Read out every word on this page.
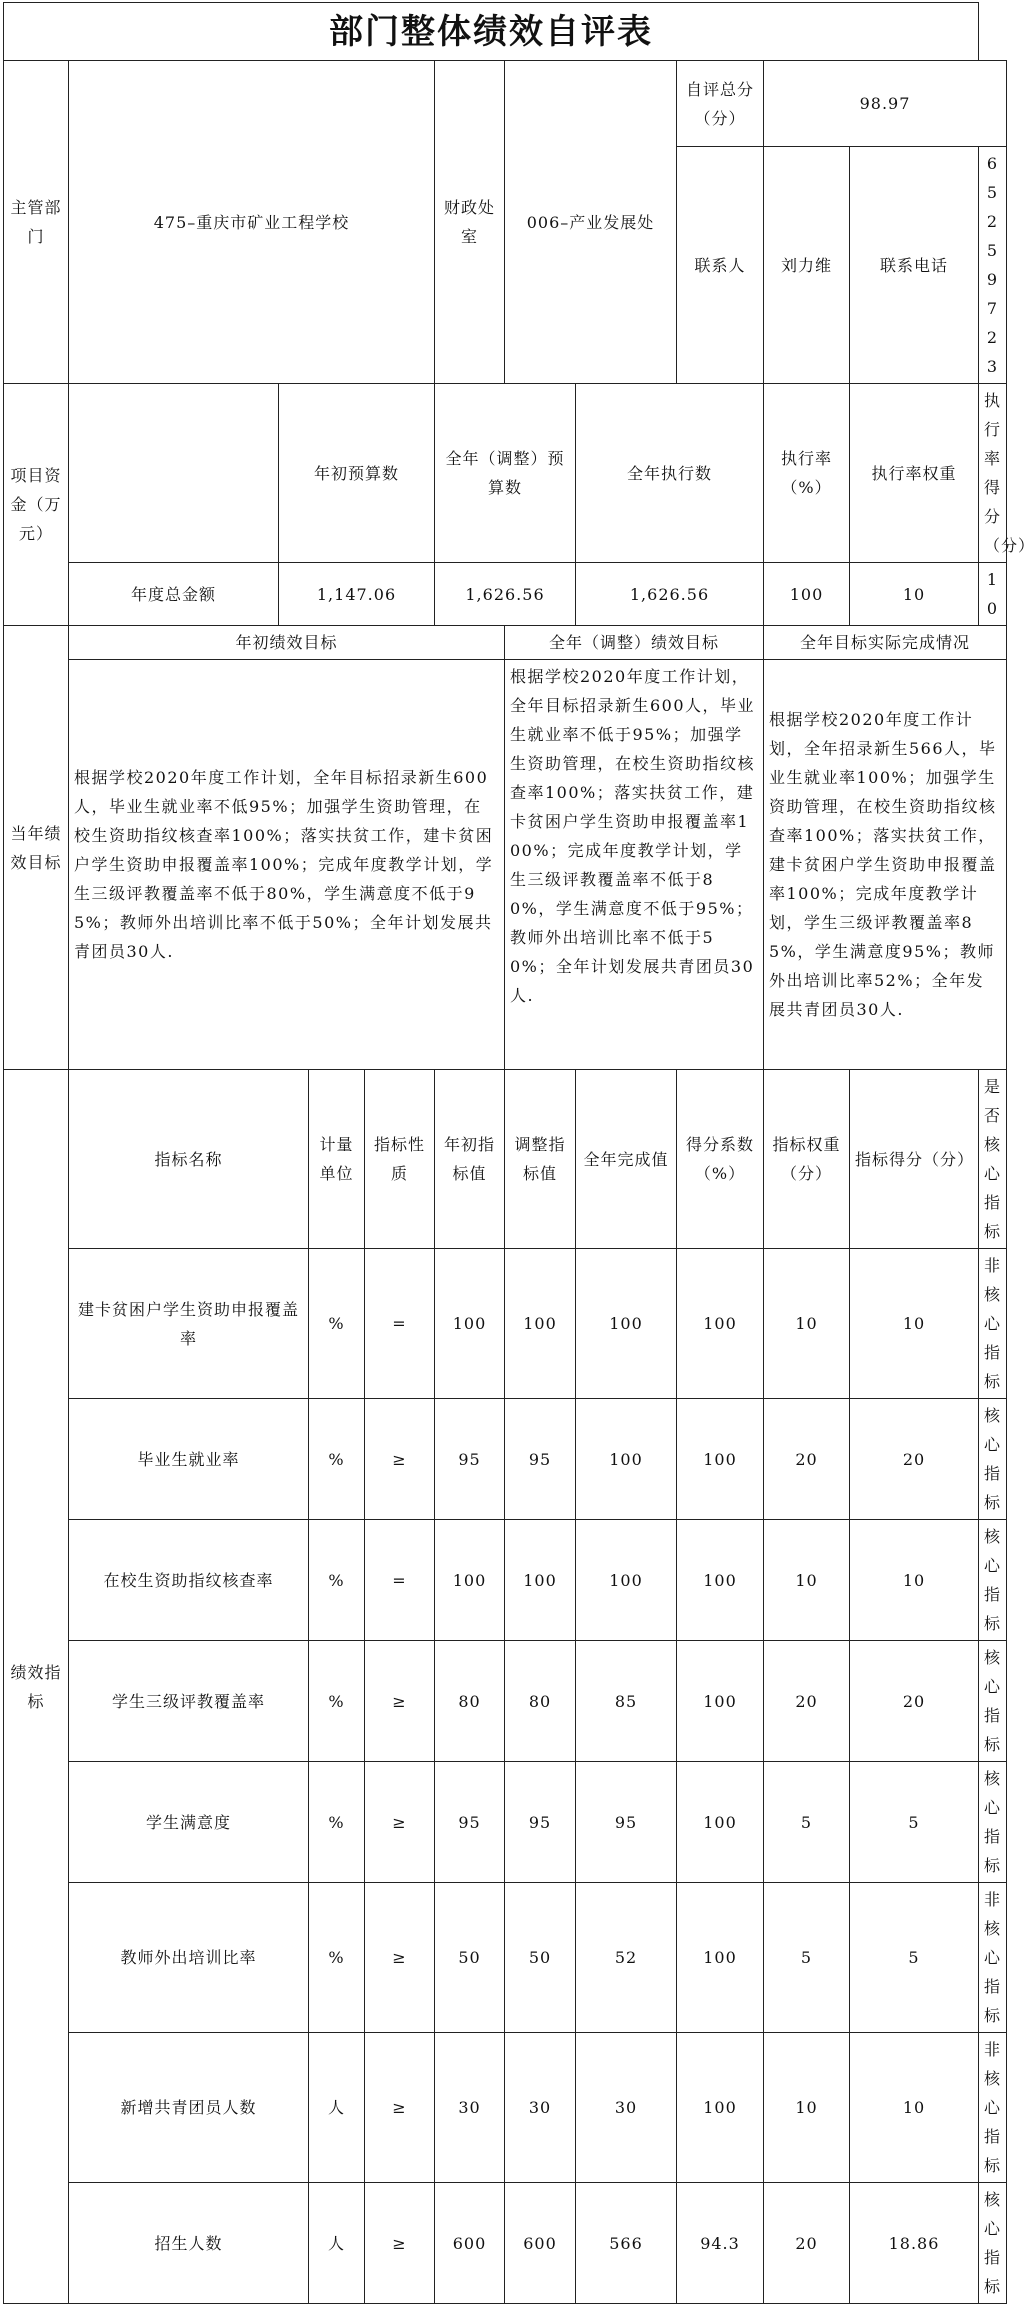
部门整体绩效自评表											
主管部门	475–重庆市矿业工程学校				财政处室	006–产业发展处		自评总分（分）	98.97		
								联系人	刘力维	联系电话	65259723
项目资金（万元）		年初预算数			全年（调整）预算数		全年执行数		执行率（%）	执行率权重	执行率得分（分）
	年度总金额	1,147.06			1,626.56		1,626.56		100	10	10
当年绩效目标	年初绩效目标					全年（调整）绩效目标			全年目标实际完成情况		
	根据学校2020年度工作计划，全年目标招录新生600人，毕业生就业率不低95%；加强学生资助管理，在校生资助指纹核查率100%；落实扶贫工作，建卡贫困户学生资助申报覆盖率100%；完成年度教学计划，学生三级评教覆盖率不低于80%，学生满意度不低于95%；教师外出培训比率不低于50%；全年计划发展共青团员30人.					根据学校2020年度工作计划，全年目标招录新生600人，毕业生就业率不低于95%；加强学生资助管理，在校生资助指纹核查率100%；落实扶贫工作，建卡贫困户学生资助申报覆盖率100%；完成年度教学计划，学生三级评教覆盖率不低于80%，学生满意度不低于95%；教师外出培训比率不低于50%；全年计划发展共青团员30人.			根据学校2020年度工作计划，全年招录新生566人，毕业生就业率100%；加强学生资助管理，在校生资助指纹核查率100%；落实扶贫工作，建卡贫困户学生资助申报覆盖率100%；完成年度教学计划，学生三级评教覆盖率85%，学生满意度95%；教师外出培训比率52%；全年发展共青团员30人.		
绩效指标	指标名称		计量单位	指标性质	年初指标值	调整指标值	全年完成值	得分系数（%）	指标权重（分）	指标得分（分）	是否核心指标
	建卡贫困户学生资助申报覆盖率		%	=	100	100	100	100	10	10	非核心指标
	毕业生就业率		%	≥	95	95	100	100	20	20	核心指标
	在校生资助指纹核查率		%	=	100	100	100	100	10	10	核心指标
	学生三级评教覆盖率		%	≥	80	80	85	100	20	20	核心指标
	学生满意度		%	≥	95	95	95	100	5	5	核心指标
	教师外出培训比率		%	≥	50	50	52	100	5	5	非核心指标
	新增共青团员人数		人	≥	30	30	30	100	10	10	非核心指标
	招生人数		人	≥	600	600	566	94.3	20	18.86	核心指标
